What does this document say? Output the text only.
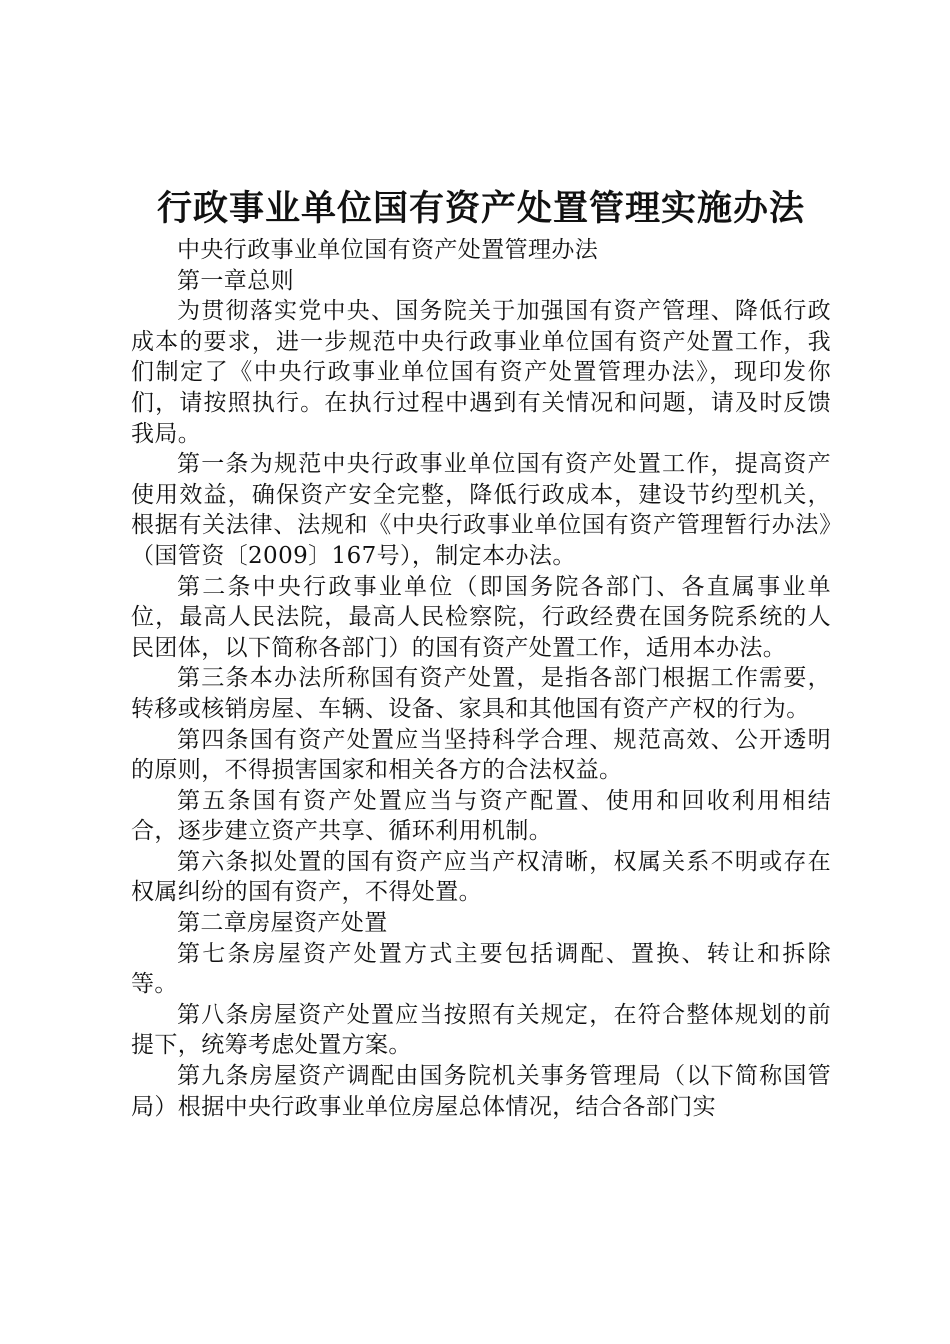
行政事业单位国有资产处置管理实施办法

中央行政事业单位国有资产处置管理办法

第一章总则

为贯彻落实党中央、国务院关于加强国有资产管理、降低行政成本的要求，进一步规范中央行政事业单位国有资产处置工作，我们制定了《中央行政事业单位国有资产处置管理办法》，现印发你们，请按照执行。在执行过程中遇到有关情况和问题，请及时反馈我局。

第一条为规范中央行政事业单位国有资产处置工作，提高资产使用效益，确保资产安全完整，降低行政成本，建设节约型机关，根据有关法律、法规和《中央行政事业单位国有资产管理暂行办法》（国管资〔2009〕167号），制定本办法。

第二条中央行政事业单位（即国务院各部门、各直属事业单位，最高人民法院，最高人民检察院，行政经费在国务院系统的人民团体，以下简称各部门）的国有资产处置工作，适用本办法。

第三条本办法所称国有资产处置，是指各部门根据工作需要，转移或核销房屋、车辆、设备、家具和其他国有资产产权的行为。

第四条国有资产处置应当坚持科学合理、规范高效、公开透明的原则，不得损害国家和相关各方的合法权益。

第五条国有资产处置应当与资产配置、使用和回收利用相结合，逐步建立资产共享、循环利用机制。

第六条拟处置的国有资产应当产权清晰，权属关系不明或存在权属纠纷的国有资产，不得处置。

第二章房屋资产处置

第七条房屋资产处置方式主要包括调配、置换、转让和拆除等。

第八条房屋资产处置应当按照有关规定，在符合整体规划的前提下，统筹考虑处置方案。

第九条房屋资产调配由国务院机关事务管理局（以下简称国管局）根据中央行政事业单位房屋总体情况，结合各部门实
